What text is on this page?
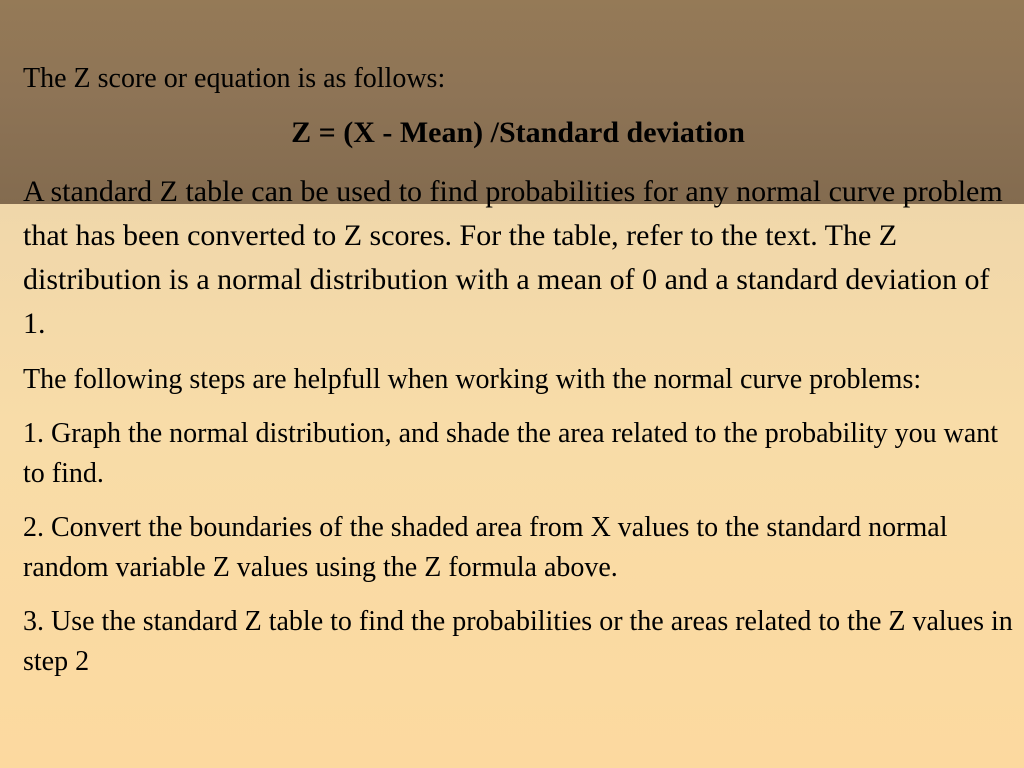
The Z score or equation is as follows:

Z = (X - Mean) /Standard deviation

A standard Z table can be used to find probabilities for any normal curve problem that has been converted to Z scores. For the table, refer to the text. The Z distribution is a normal distribution with a mean of 0 and a standard deviation of 1.

The following steps are helpfull when working with the normal curve problems:

1. Graph the normal distribution, and shade the area related to the probability you want to find.

2. Convert the boundaries of the shaded area from X values to the standard normal random variable Z values using the Z formula above.

3. Use the standard Z table to find the probabilities or the areas related to the Z values in step 2
